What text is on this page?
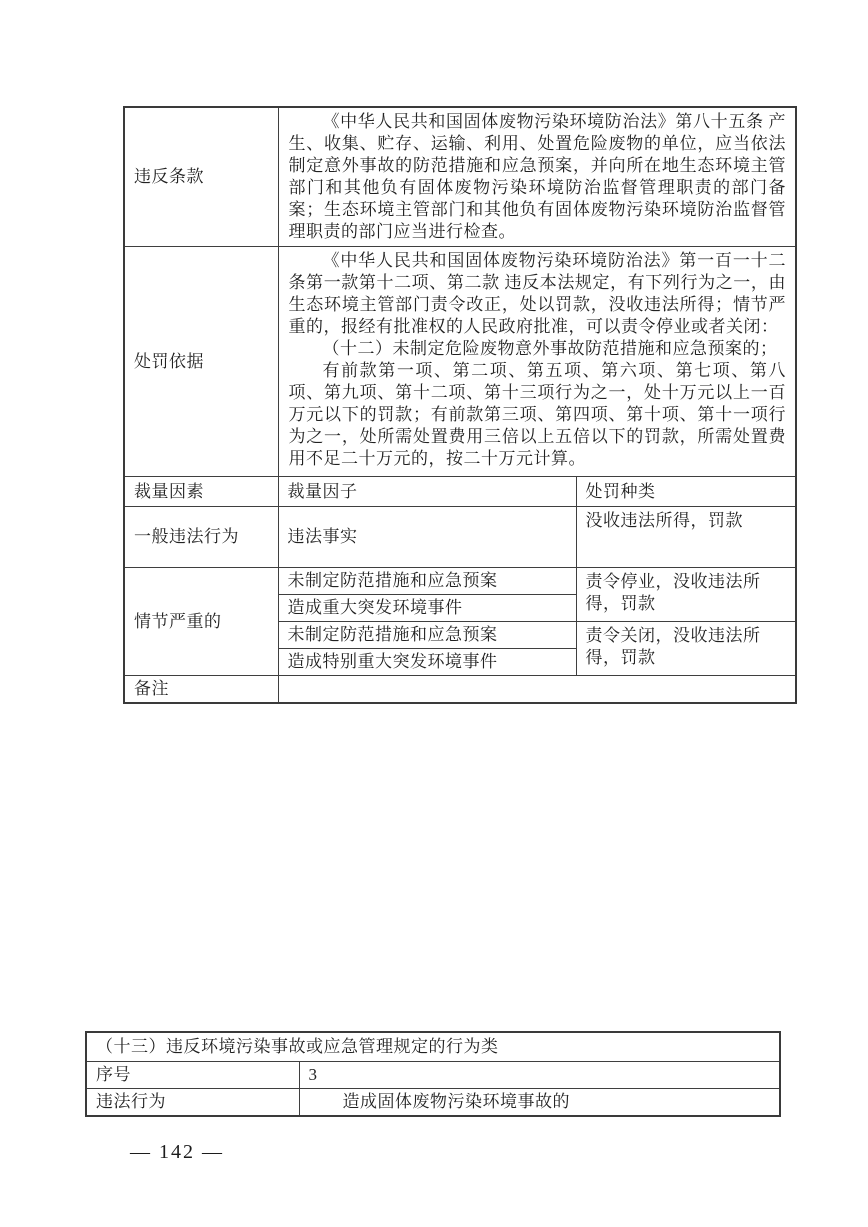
违反条款	《中华人民共和国固体废物污染环境防治法》第八十五条 产生、收集、贮存、运输、利用、处置危险废物的单位，应当依法制定意外事故的防范措施和应急预案，并向所在地生态环境主管部门和其他负有固体废物污染环境防治监督管理职责的部门备案；生态环境主管部门和其他负有固体废物污染环境防治监督管理职责的部门应当进行检查。	

处罚依据	《中华人民共和国固体废物污染环境防治法》第一百一十二条第一款第十二项、第二款 违反本法规定，有下列行为之一，由生态环境主管部门责令改正，处以罚款，没收违法所得；情节严重的，报经有批准权的人民政府批准，可以责令停业或者关闭：

（十二）未制定危险废物意外事故防范措施和应急预案的；

有前款第一项、第二项、第五项、第六项、第七项、第八项、第九项、第十二项、第十三项行为之一，处十万元以上一百万元以下的罚款；有前款第三项、第四项、第十项、第十一项行为之一，处所需处置费用三倍以上五倍以下的罚款，所需处置费用不足二十万元的，按二十万元计算。	

裁量因素	裁量因子	处罚种类
一般违法行为	违法事实	没收违法所得，罚款
情节严重的	未制定防范措施和应急预案	责令停业，没收违法所得，罚款
	造成重大突发环境事件	
	未制定防范措施和应急预案	责令关闭，没收违法所得，罚款
	造成特别重大突发环境事件	
备注		
（十三）违反环境污染事故或应急管理规定的行为类	
序号	3
违法行为	造成固体废物污染环境事故的
— 142 —
